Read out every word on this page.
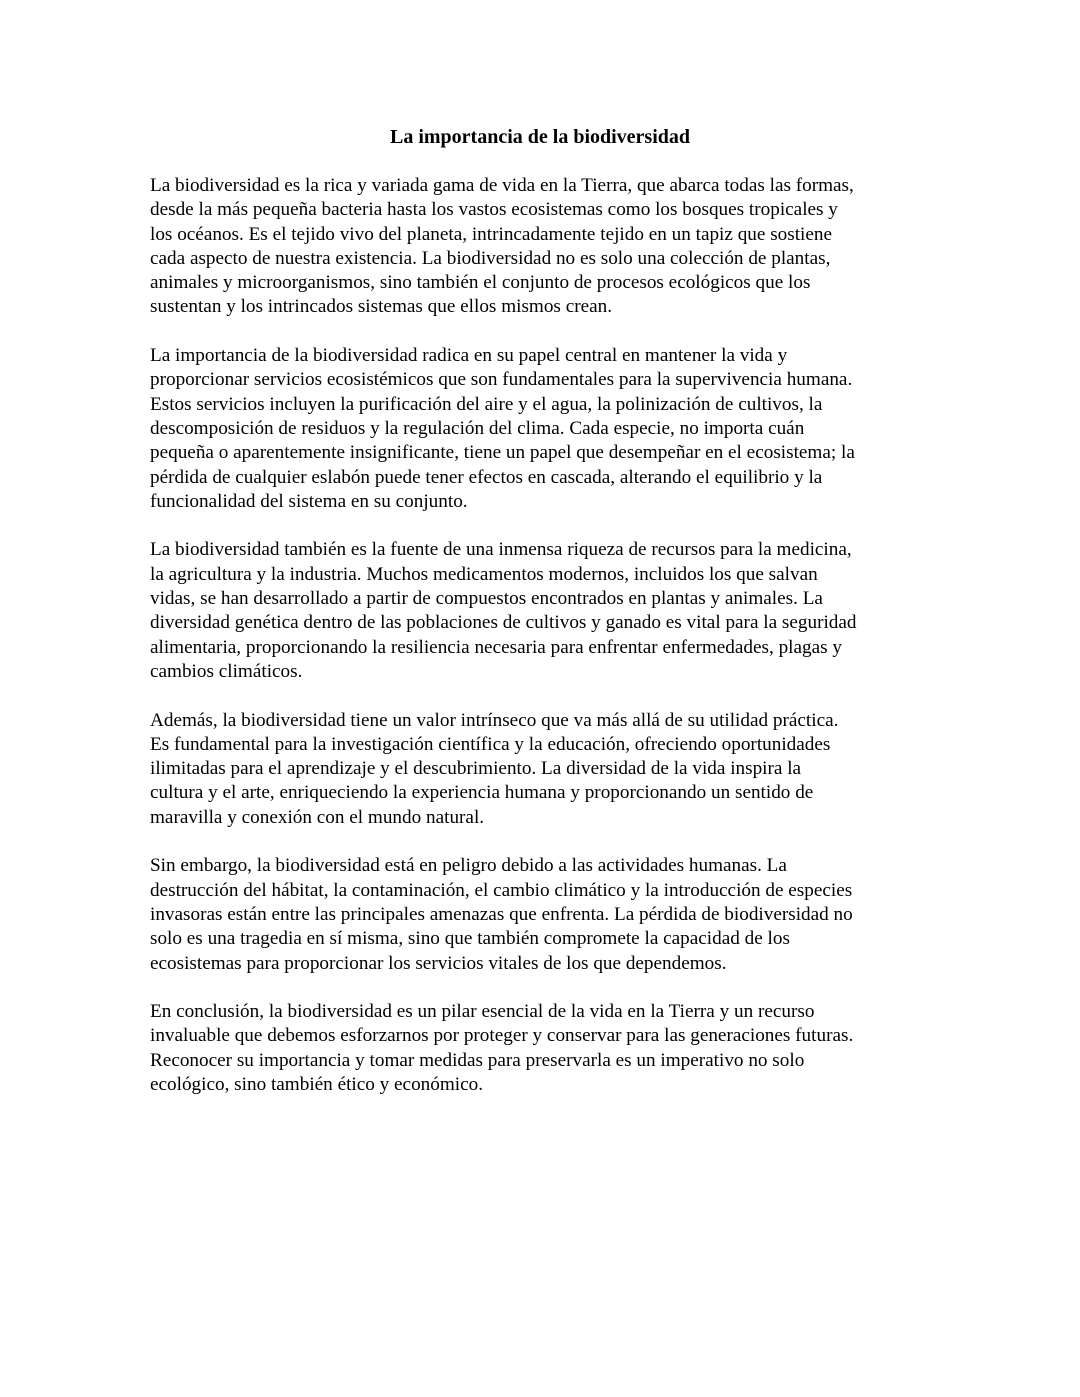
La importancia de la biodiversidad

La biodiversidad es la rica y variada gama de vida en la Tierra, que abarca todas las formas,
desde la más pequeña bacteria hasta los vastos ecosistemas como los bosques tropicales y
los océanos. Es el tejido vivo del planeta, intrincadamente tejido en un tapiz que sostiene
cada aspecto de nuestra existencia. La biodiversidad no es solo una colección de plantas,
animales y microorganismos, sino también el conjunto de procesos ecológicos que los
sustentan y los intrincados sistemas que ellos mismos crean.

La importancia de la biodiversidad radica en su papel central en mantener la vida y
proporcionar servicios ecosistémicos que son fundamentales para la supervivencia humana.
Estos servicios incluyen la purificación del aire y el agua, la polinización de cultivos, la
descomposición de residuos y la regulación del clima. Cada especie, no importa cuán
pequeña o aparentemente insignificante, tiene un papel que desempeñar en el ecosistema; la
pérdida de cualquier eslabón puede tener efectos en cascada, alterando el equilibrio y la
funcionalidad del sistema en su conjunto.

La biodiversidad también es la fuente de una inmensa riqueza de recursos para la medicina,
la agricultura y la industria. Muchos medicamentos modernos, incluidos los que salvan
vidas, se han desarrollado a partir de compuestos encontrados en plantas y animales. La
diversidad genética dentro de las poblaciones de cultivos y ganado es vital para la seguridad
alimentaria, proporcionando la resiliencia necesaria para enfrentar enfermedades, plagas y
cambios climáticos.

Además, la biodiversidad tiene un valor intrínseco que va más allá de su utilidad práctica.
Es fundamental para la investigación científica y la educación, ofreciendo oportunidades
ilimitadas para el aprendizaje y el descubrimiento. La diversidad de la vida inspira la
cultura y el arte, enriqueciendo la experiencia humana y proporcionando un sentido de
maravilla y conexión con el mundo natural.

Sin embargo, la biodiversidad está en peligro debido a las actividades humanas. La
destrucción del hábitat, la contaminación, el cambio climático y la introducción de especies
invasoras están entre las principales amenazas que enfrenta. La pérdida de biodiversidad no
solo es una tragedia en sí misma, sino que también compromete la capacidad de los
ecosistemas para proporcionar los servicios vitales de los que dependemos.

En conclusión, la biodiversidad es un pilar esencial de la vida en la Tierra y un recurso
invaluable que debemos esforzarnos por proteger y conservar para las generaciones futuras.
Reconocer su importancia y tomar medidas para preservarla es un imperativo no solo
ecológico, sino también ético y económico.
